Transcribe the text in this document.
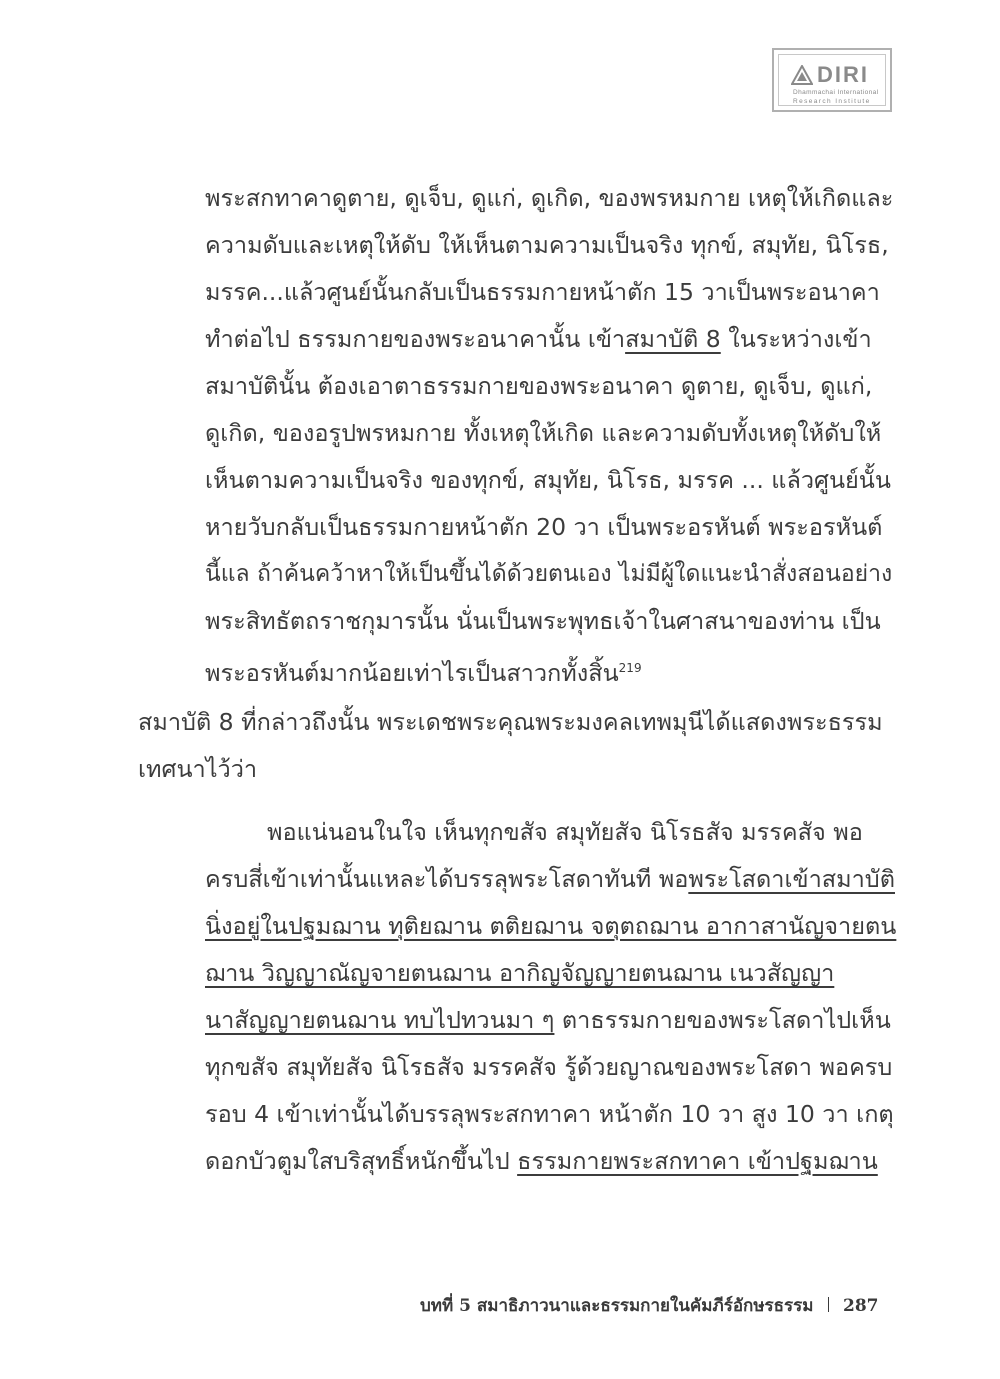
DIRI
Dhammachai International
Research Institute
พระสกทาคาดูตาย, ดูเจ็บ, ดูแก่, ดูเกิด, ของพรหมกาย เหตุให้เกิดและ
ความดับและเหตุให้ดับ ให้เห็นตามความเป็นจริง ทุกข์, สมุทัย, นิโรธ,
มรรค...แล้วศูนย์นั้นกลับเป็นธรรมกายหน้าตัก 15 วาเป็นพระอนาคา
ทำต่อไป ธรรมกายของพระอนาคานั้น เข้าสมาบัติ 8 ในระหว่างเข้า
สมาบัตินั้น ต้องเอาตาธรรมกายของพระอนาคา ดูตาย, ดูเจ็บ, ดูแก่,
ดูเกิด, ของอรูปพรหมกาย ทั้งเหตุให้เกิด และความดับทั้งเหตุให้ดับให้
เห็นตามความเป็นจริง ของทุกข์, สมุทัย, นิโรธ, มรรค ... แล้วศูนย์นั้น
หายวับกลับเป็นธรรมกายหน้าตัก 20 วา เป็นพระอรหันต์ พระอรหันต์
นี้แล ถ้าค้นคว้าหาให้เป็นขึ้นได้ด้วยตนเอง ไม่มีผู้ใดแนะนำสั่งสอนอย่าง
พระสิทธัตถราชกุมารนั้น นั่นเป็นพระพุทธเจ้าในศาสนาของท่าน เป็น
พระอรหันต์มากน้อยเท่าไรเป็นสาวกทั้งสิ้น$^{219}$
สมาบัติ 8 ที่กล่าวถึงนั้น พระเดชพระคุณพระมงคลเทพมุนีได้แสดงพระธรรม
เทศนาไว้ว่า
พอแน่นอนในใจ เห็นทุกขสัจ สมุทัยสัจ นิโรธสัจ มรรคสัจ พอ
ครบสี่เข้าเท่านั้นแหละได้บรรลุพระโสดาทันที พอพระโสดาเข้าสมาบัติ
นิ่งอยู่ในปฐมฌาน ทุติยฌาน ตติยฌาน จตุตถฌาน อากาสานัญจายตน
ฌาน วิญญาณัญจายตนฌาน อากิญจัญญายตนฌาน เนวสัญญา
นาสัญญายตนฌาน ทบไปทวนมา ๆ ตาธรรมกายของพระโสดาไปเห็น
ทุกขสัจ สมุทัยสัจ นิโรธสัจ มรรคสัจ รู้ด้วยญาณของพระโสดา พอครบ
รอบ 4 เข้าเท่านั้นได้บรรลุพระสกทาคา หน้าตัก 10 วา สูง 10 วา เกตุ
ดอกบัวตูมใสบริสุทธิ์หนักขึ้นไป ธรรมกายพระสกทาคา เข้าปฐมฌาน
บทที่ 5 สมาธิภาวนาและธรรมกายในคัมภีร์อักษรธรรม 287
